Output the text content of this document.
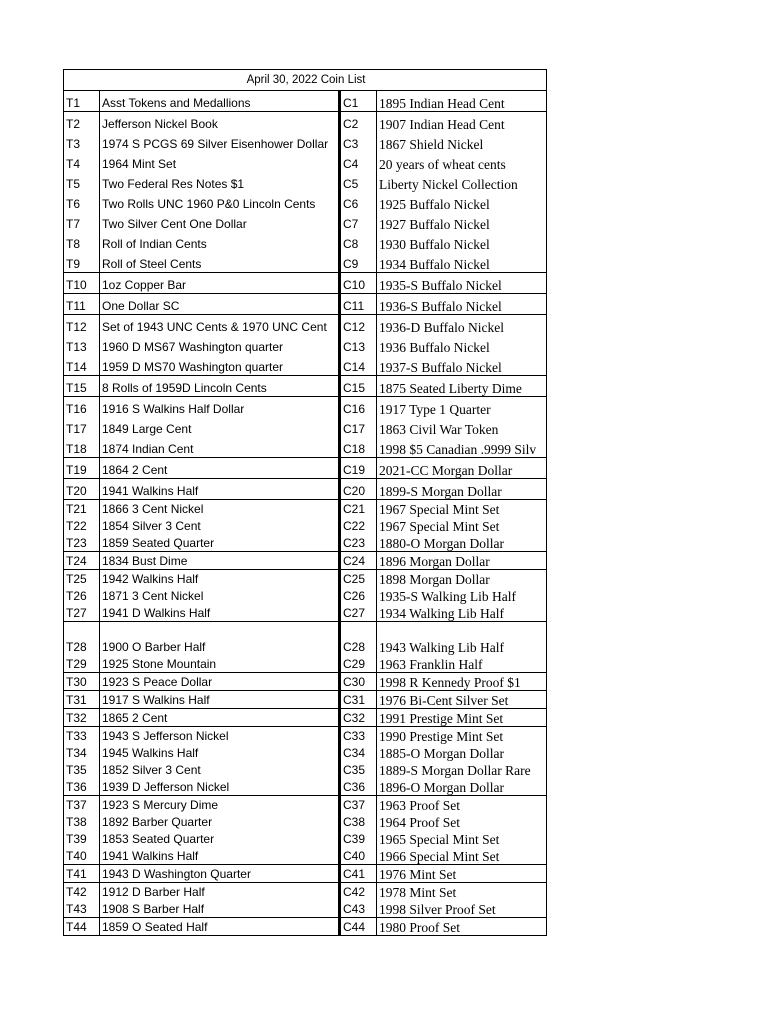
April 30, 2022 Coin List			
T1	Asst Tokens and Medallions	C1	1895 Indian Head Cent
T2	Jefferson Nickel Book	C2	1907 Indian Head Cent
T3	1974 S PCGS 69 Silver Eisenhower Dollar	C3	1867 Shield Nickel
T4	1964 Mint Set	C4	20 years of wheat cents
T5	Two Federal Res Notes $1	C5	Liberty Nickel Collection
T6	Two Rolls UNC 1960 P&0 Lincoln Cents	C6	1925 Buffalo Nickel
T7	Two Silver Cent One Dollar	C7	1927 Buffalo Nickel
T8	Roll of Indian Cents	C8	1930 Buffalo Nickel
T9	Roll of Steel Cents	C9	1934 Buffalo Nickel
T10	1oz Copper Bar	C10	1935-S Buffalo Nickel
T11	One Dollar SC	C11	1936-S Buffalo Nickel
T12	Set of 1943 UNC Cents & 1970 UNC Cent	C12	1936-D Buffalo Nickel
T13	1960 D MS67 Washington quarter	C13	1936 Buffalo Nickel
T14	1959 D MS70 Washington quarter	C14	1937-S Buffalo Nickel
T15	8 Rolls of 1959D Lincoln Cents	C15	1875 Seated Liberty Dime
T16	1916 S Walkins Half Dollar	C16	1917 Type 1 Quarter
T17	1849 Large Cent	C17	1863 Civil War Token
T18	1874 Indian Cent	C18	1998 $5 Canadian .9999 Silv
T19	1864 2 Cent	C19	2021-CC Morgan Dollar
T20	1941 Walkins Half	C20	1899-S Morgan Dollar
T21	1866 3 Cent Nickel	C21	1967 Special Mint Set
T22	1854 Silver 3 Cent	C22	1967 Special Mint Set
T23	1859 Seated Quarter	C23	1880-O Morgan Dollar
T24	1834 Bust Dime	C24	1896 Morgan Dollar
T25	1942 Walkins Half	C25	1898 Morgan Dollar
T26	1871 3 Cent Nickel	C26	1935-S Walking Lib Half
T27	1941 D Walkins Half	C27	1934 Walking Lib Half
T28	1900 O Barber Half	C28	1943 Walking Lib Half
T29	1925 Stone Mountain	C29	1963 Franklin Half
T30	1923 S Peace Dollar	C30	1998 R Kennedy Proof $1
T31	1917 S Walkins Half	C31	1976 Bi-Cent Silver Set
T32	1865 2 Cent	C32	1991 Prestige Mint Set
T33	1943 S Jefferson Nickel	C33	1990 Prestige Mint Set
T34	1945 Walkins Half	C34	1885-O Morgan Dollar
T35	1852 Silver 3 Cent	C35	1889-S Morgan Dollar Rare
T36	1939 D Jefferson Nickel	C36	1896-O Morgan Dollar
T37	1923 S Mercury Dime	C37	1963 Proof Set
T38	1892 Barber Quarter	C38	1964 Proof Set
T39	1853 Seated Quarter	C39	1965 Special Mint Set
T40	1941 Walkins Half	C40	1966 Special Mint Set
T41	1943 D Washington Quarter	C41	1976 Mint Set
T42	1912 D Barber Half	C42	1978 Mint Set
T43	1908 S Barber Half	C43	1998 Silver Proof Set
T44	1859 O Seated Half	C44	1980 Proof Set
